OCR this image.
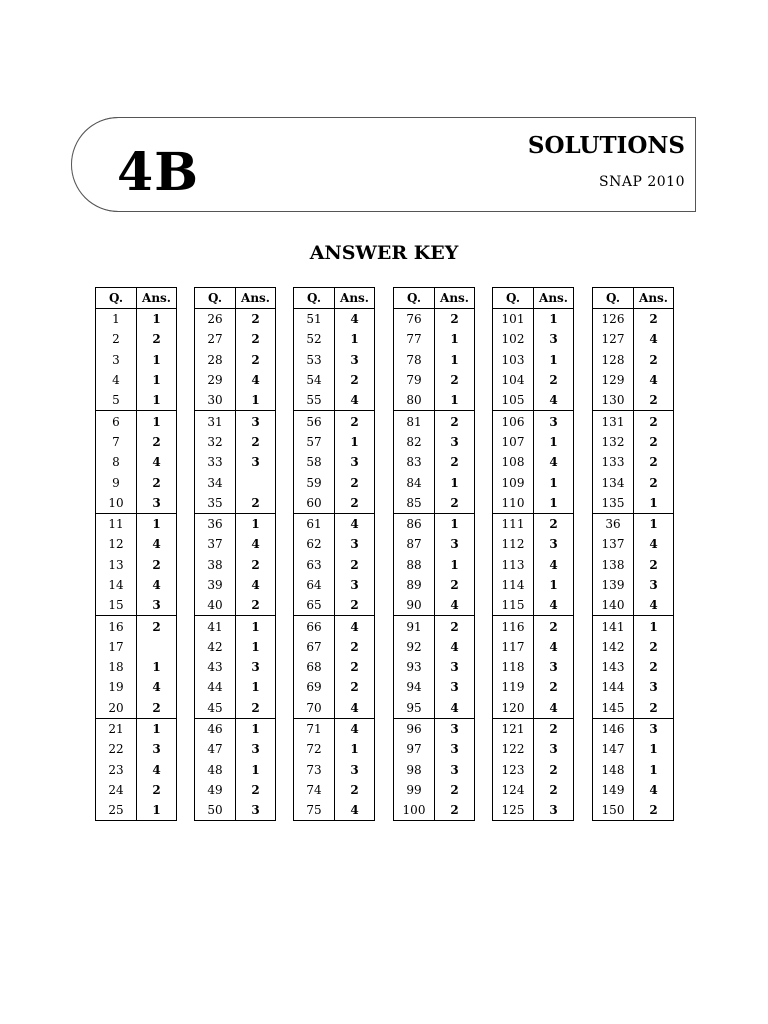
4B	SOLUTIONS
SNAP 2010
ANSWER KEY
Q.	Ans.
1	1
2	2
3	1
4	1
5	1
6	1
7	2
8	4
9	2
10	3
11	1
12	4
13	2
14	4
15	3
16	2
17	
18	1
19	4
20	2
21	1
22	3
23	4
24	2
25	1
Q.	Ans.
26	2
27	2
28	2
29	4
30	1
31	3
32	2
33	3
34	
35	2
36	1
37	4
38	2
39	4
40	2
41	1
42	1
43	3
44	1
45	2
46	1
47	3
48	1
49	2
50	3
Q.	Ans.
51	4
52	1
53	3
54	2
55	4
56	2
57	1
58	3
59	2
60	2
61	4
62	3
63	2
64	3
65	2
66	4
67	2
68	2
69	2
70	4
71	4
72	1
73	3
74	2
75	4
Q.	Ans.
76	2
77	1
78	1
79	2
80	1
81	2
82	3
83	2
84	1
85	2
86	1
87	3
88	1
89	2
90	4
91	2
92	4
93	3
94	3
95	4
96	3
97	3
98	3
99	2
100	2
Q.	Ans.
101	1
102	3
103	1
104	2
105	4
106	3
107	1
108	4
109	1
110	1
111	2
112	3
113	4
114	1
115	4
116	2
117	4
118	3
119	2
120	4
121	2
122	3
123	2
124	2
125	3
Q.	Ans.
126	2
127	4
128	2
129	4
130	2
131	2
132	2
133	2
134	2
135	1
36	1
137	4
138	2
139	3
140	4
141	1
142	2
143	2
144	3
145	2
146	3
147	1
148	1
149	4
150	2
